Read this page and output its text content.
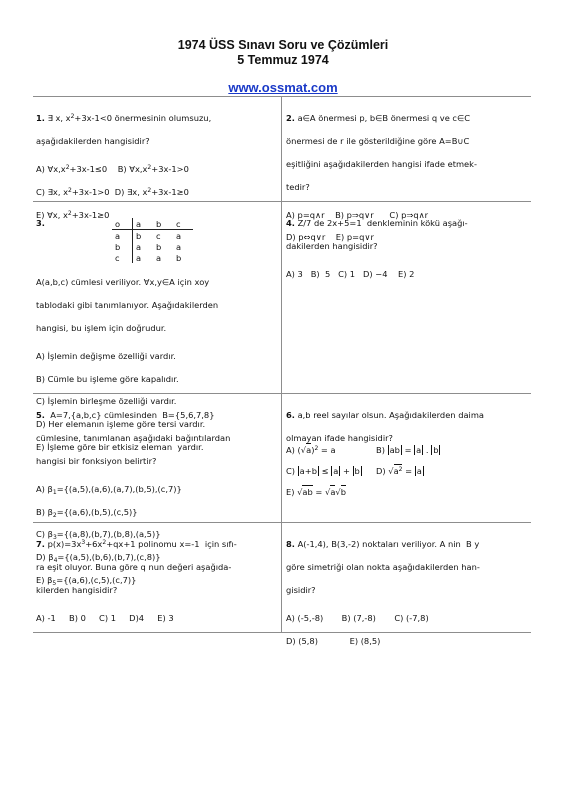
1974 ÜSS Sınavı Soru ve Çözümleri
5 Temmuz 1974
www.ossmat.com

1. ∃ x, $x^2+3x-1<0$ önermesinin olumsuzu,

aşağıdakilerden hangisidir?

A) $\forall x,x^2+3x-1\le 0$    B) $\forall x,x^2+3x-1>0$

C) ∃x, $x^2+3x-1>0$  D) ∃x, $x^2+3x-1\ge 0$

E) ∀x, $x^2+3x-1\ge 0$

2. a∈A önermesi p, b∈B önermesi q ve c∈C

önermesi de r ile gösterildiğine göre A=B∪C

eşitliğini aşağıdakilerden hangisi ifade etmek-

tedir?

A) p=q∧r    B) p⇒q∨r      C) p⇒q∧r

D) p⇔q∨r    E) p=q∨r

3.	o	a	b	c
a	b	c	a
b	a	b	a
c	a	a	b

A(a,b,c) cümlesi veriliyor. ∀x,y∈A için xoy

tablodaki gibi tanımlanıyor. Aşağıdakilerden

hangisi, bu işlem için doğrudur.

A) İşlemin değişme özelliği vardır.

B) Cümle bu işleme göre kapalıdır.

C) İşlemin birleşme özelliği vardır.

D) Her elemanın işleme göre tersi vardır.

E) İşleme göre bir etkisiz eleman  yardır.

4. Z/7 de 2x+5=1  denkleminin kökü aşağı-

dakilerden hangisidir?

A) 3   B)  5   C) 1   D) −4    E) 2

5.  A=7,{a,b,c} cümlesinden  B={5,6,7,8}

cümlesine, tanımlanan aşağıdaki bağıntılardan

hangisi bir fonksiyon belirtir?

A) $\beta_1=\{(a,5),(a,6),(a,7),(b,5),(c,7)\}$

B) $\beta_2=\{(a,6),(b,5),(c,5)\}$

C) $\beta_3=\{(a,8),(b,7),(b,8),(a,5)\}$

D) $\beta_4=\{(a,5),(b,6),(b,7),(c,8)\}$

E) $\beta_5=\{(a,6),(c,5),(c,7)\}$

6. a,b reel sayılar olsun. Aşağıdakilerden daima

olmayan ifade hangisidir?

A) $(√a)^2 = a$	B) ab = a . b

C) a+b ≤ a + b D) $√a^2 = a$

E) √ab = √a√b

7. $p(x)=3x^3+6x^2+qx+1$ polinomu x=-1  için sıfı-

ra eşit oluyor. Buna göre q nun değeri aşağıda-

kilerden hangisidir?

A) -1     B) 0     C) 1     D)4     E) 3

8. A(-1,4), B(3,-2) noktaları veriliyor. A nin  B y

göre simetriği olan nokta aşağıdakilerden han-

gisidir?

A) (-5,-8)       B) (7,-8)       C) (-7,8)

D) (5,8)            E) (8,5)
